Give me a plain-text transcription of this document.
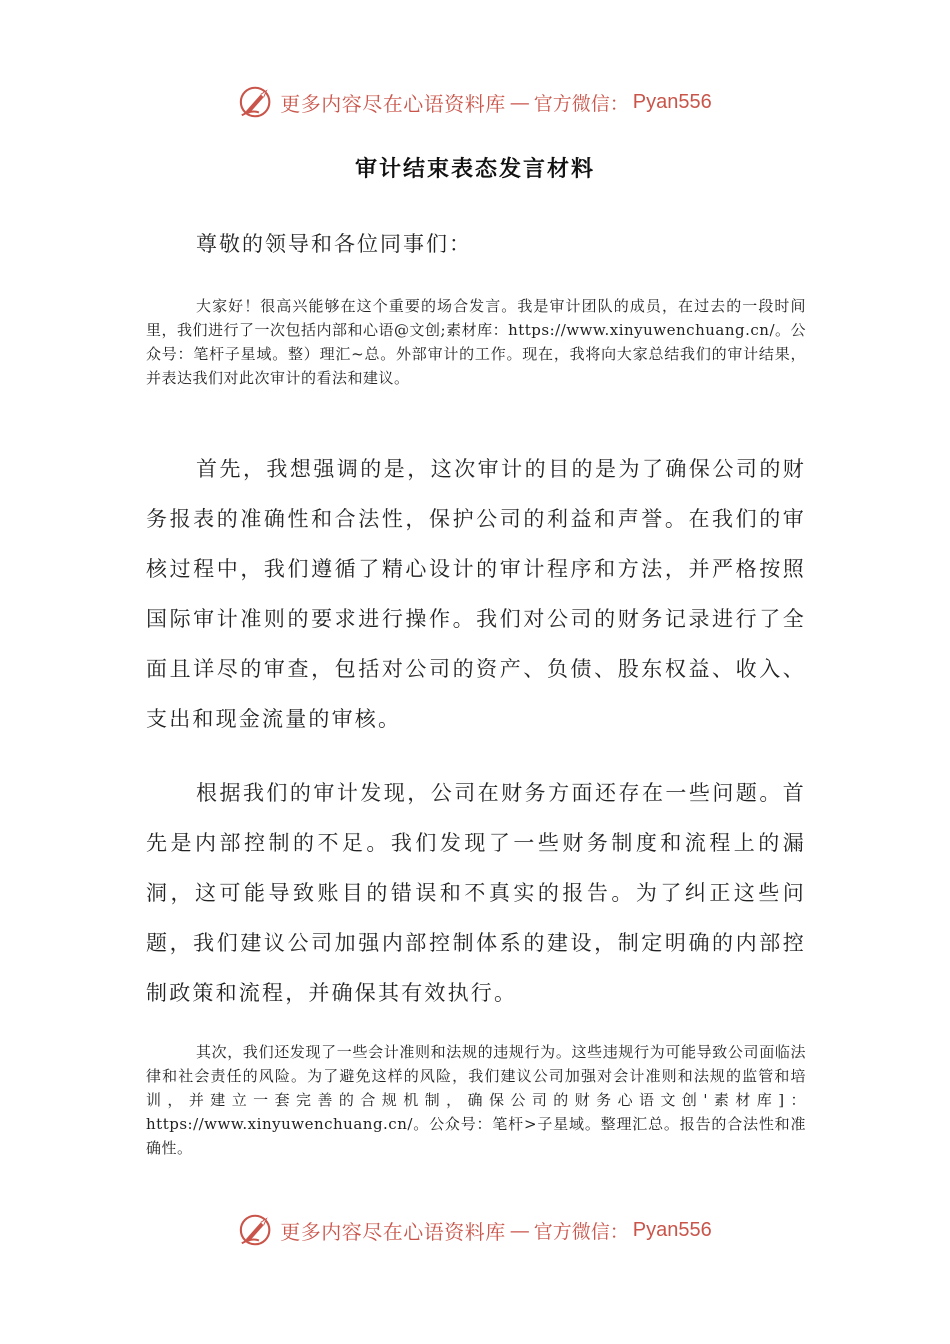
更多内容尽在心语资料库 — 官方微信： Pyan556
审计结束表态发言材料
尊敬的领导和各位同事们：
大家好！很高兴能够在这个重要的场合发言。我是审计团队的成员，在过去的一段时间里，我们进行了一次包括内部和心语@文创;素材库：https://www.xinyuwenchuang.cn/。公众号：笔杆子星域。整）理汇~总。外部审计的工作。现在，我将向大家总结我们的审计结果，并表达我们对此次审计的看法和建议。
首先，我想强调的是，这次审计的目的是为了确保公司的财务报表的准确性和合法性，保护公司的利益和声誉。在我们的审核过程中，我们遵循了精心设计的审计程序和方法，并严格按照国际审计准则的要求进行操作。我们对公司的财务记录进行了全面且详尽的审查，包括对公司的资产、负债、股东权益、收入、支出和现金流量的审核。
根据我们的审计发现，公司在财务方面还存在一些问题。首先是内部控制的不足。我们发现了一些财务制度和流程上的漏洞，这可能导致账目的错误和不真实的报告。为了纠正这些问题，我们建议公司加强内部控制体系的建设，制定明确的内部控制政策和流程，并确保其有效执行。
其次，我们还发现了一些会计准则和法规的违规行为。这些违规行为可能导致公司面临法律和社会责任的风险。为了避免这样的风险，我们建议公司加强对会计准则和法规的监管和培训，并建立一套完善的合规机制，确保公司的财务心语文创'素材库]：https://www.xinyuwenchuang.cn/。公众号：笔杆>子星域。整理汇总。报告的合法性和准确性。
更多内容尽在心语资料库 — 官方微信： Pyan556
